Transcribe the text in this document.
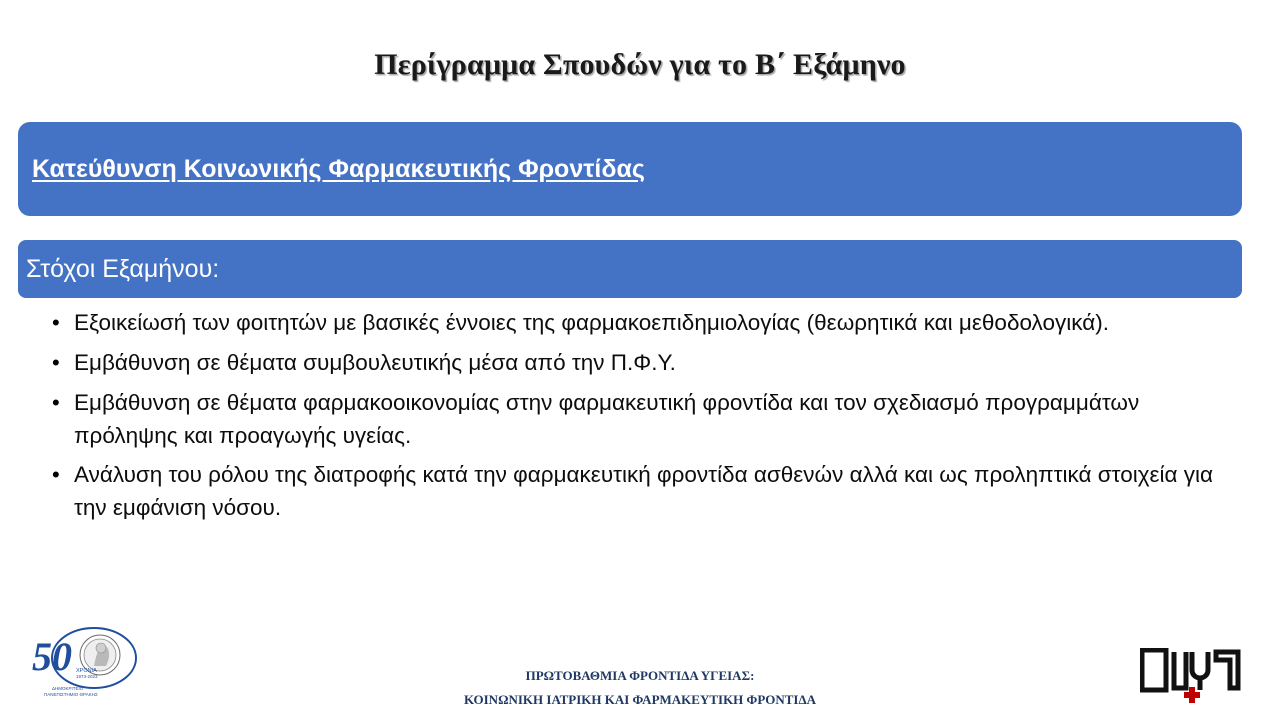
Περίγραμμα Σπουδών για το Β΄ Εξάμηνο
Κατεύθυνση Κοινωνικής Φαρμακευτικής Φροντίδας
Στόχοι Εξαμήνου:
• Εξοικείωσή των φοιτητών με βασικές έννοιες της φαρμακοεπιδημιολογίας (θεωρητικά και μεθοδολογικά).
• Εμβάθυνση σε θέματα συμβουλευτικής μέσα από την Π.Φ.Υ.
• Εμβάθυνση σε θέματα φαρμακοοικονομίας στην φαρμακευτική φροντίδα και τον σχεδιασμό προγραμμάτων πρόληψης και προαγωγής υγείας.
• Ανάλυση του ρόλου της διατροφής κατά την φαρμακευτική φροντίδα ασθενών αλλά και ως προληπτικά στοιχεία για την εμφάνιση νόσου.
50 ΧΡΟΝΙΑ
1973-2023
ΔΗΜΟΚΡΙΤΕΙΟ
ΠΑΝΕΠΙΣΤΗΜΙΟ ΘΡΑΚΗΣ
ΠΡΩΤΟΒΑΘΜΙΑ ΦΡΟΝΤΙΔΑ ΥΓΕΙΑΣ:
ΚΟΙΝΩΝΙΚΗ ΙΑΤΡΙΚΗ ΚΑΙ ΦΑΡΜΑΚΕΥΤΙΚΗ ΦΡΟΝΤΙΔΑ
